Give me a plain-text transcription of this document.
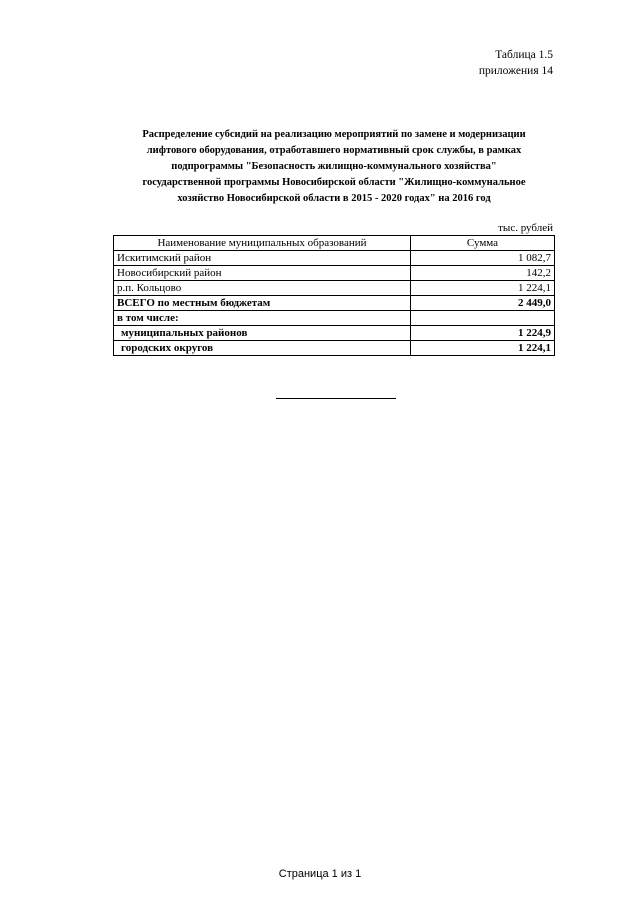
Таблица 1.5
приложения 14
Распределение субсидий на реализацию мероприятий по замене и модернизации
лифтового оборудования, отработавшего нормативный срок службы, в рамках
подпрограммы "Безопасность жилищно-коммунального хозяйства"
государственной программы Новосибирской области "Жилищно-коммунальное
хозяйство Новосибирской области в 2015 - 2020 годах" на 2016 год
тыс. рублей
Наименование муниципальных образований	Сумма
Искитимский район	1 082,7
Новосибирский район	142,2
р.п. Кольцово	1 224,1
ВСЕГО по местным бюджетам	2 449,0
в том числе:	
муниципальных районов	1 224,9
городских округов	1 224,1
Страница 1 из 1
